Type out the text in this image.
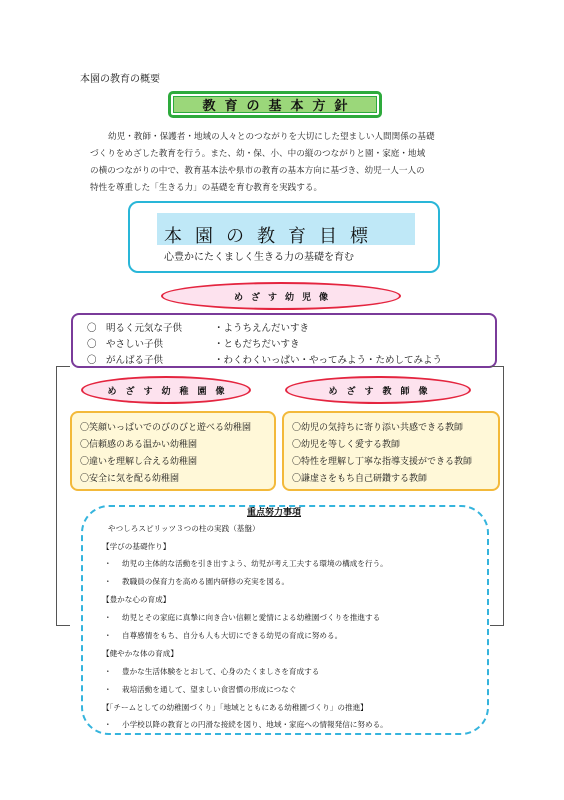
本園の教育の概要
教育の基本方針

幼児・教師・保護者・地域の人々とのつながりを大切にした望ましい人間関係の基礎

づくりをめざした教育を行う。また、幼・保、小、中の縦のつながりと園・家庭・地域

の横のつながりの中で、教育基本法や県市の教育の基本方向に基づき、幼児一人一人の

特性を尊重した「生きる力」の基礎を育む教育を実践する。

本園の教育目標
心豊かにたくましく生きる力の基礎を育む
めざす幼児像
〇　明るく元気な子供	・ようちえんだいすき
〇　やさしい子供	・ともだちだいすき
〇　がんばる子供	・わくわくいっぱい・やってみよう・ためしてみよう
めざす幼稚園像	めざす教師像
〇笑顔いっぱいでのびのびと遊べる幼稚園
〇信頼感のある温かい幼稚園
〇違いを理解し合える幼稚園
〇安全に気を配る幼稚園
〇幼児の気持ちに寄り添い共感できる教師
〇幼児を等しく愛する教師
〇特性を理解し丁寧な指導支援ができる教師
〇謙虚さをもち自己研鑽する教師
重点努力事項
やつしろスピリッツ３つの柱の実践（基盤）
【学びの基礎作り】
・ 幼児の主体的な活動を引き出すよう、幼児が考え工夫する環境の構成を行う。
・ 教職員の保育力を高める園内研修の充実を図る。
【豊かな心の育成】
・ 幼児とその家庭に真摯に向き合い信頼と愛情による幼稚園づくりを推進する
・ 自尊感情をもち、自分も人も大切にできる幼児の育成に努める。
【健やかな体の育成】
・ 豊かな生活体験をとおして、心身のたくましさを育成する
・ 栽培活動を通して、望ましい食習慣の形成につなぐ
【「チームとしての幼稚園づくり」「地域とともにある幼稚園づくり」の推進】
・ 小学校以降の教育との円滑な接続を図り、地域・家庭への情報発信に努める。
